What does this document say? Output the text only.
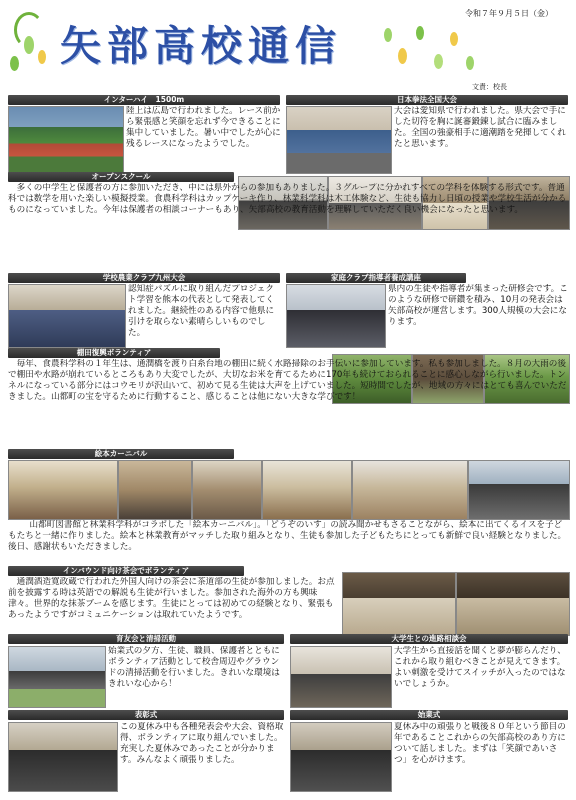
矢部高校通信
令和７年９月５日（金）
文責：校長
インターハイ　1500m
陸上は広島で行われました。レース前から緊張感と笑顔を忘れず今できることに集中していました。暑い中でしたが心に残るレースになったようでした。
日本拳法全国大会
大会は愛知県で行われました。県大会で手にした切符を胸に誕審鍛錬し試合に臨みました。全国の強豪相手に適潮踏を発揮してくれたと思います。
オープンスクール
多くの中学生と保護者の方に参加いただき、中には県外からの参加もありました。３グループに分かれすべての学科を体験する形式です。普通科では数学を用いた楽しい模擬授業。食農科学科はカップケーキ作り、林業科学科は木工体験など、生徒も協力し日頃の授業や学校生活が分かるものになっていました。今年は保護者の相談コーナーもあり、矢部高校の教育活動を理解していただく良い機会になったと思います。
学校農業クラブ九州大会
認知症パズルに取り組んだプロジェクト学習を熊本の代表として発表してくれました。継続性のある内容で他県に引けを取らない素晴らしいものでした。
家庭クラブ指導者養成講座
県内の生徒や指導者が集まった研修会です。このような研修で研鑽を積み、10月の発表会は矢部高校が運営します。300人規模の大会になります。
棚田復興ボランティア
毎年、食農科学科の１年生は、通潤橋を渡り白糸台地の棚田に続く水路掃除のお手伝いに参加しています。私も参加しました。８月の大雨の後で棚田や水路が崩れているところもあり大変でしたが、大切なお米を育てるために170年も続けておられることに感心しながら行いました。トンネルになっている部分にはコウモリが沢山いて、初めて見る生徒は大声を上げていました。短時間でしたが、地域の方々にはとても喜んでいただきました。山都町の宝を守るために行動すること、感じることは他にない大きな学びです！
絵本カーニバル
山都町図書館と林業科学科がコラボした「絵本カーニバル」。「どうぞのいす」の読み聞かせもさることながら、絵本に出てくるイスを子どもたちと一緒に作りました。絵本と林業教育がマッチした取り組みとなり、生徒も参加した子どもたちにとっても新鮮で良い経験となりました。後日、感謝状もいただきました。
インバウンド向け茶会でボランティア
通潤酒造寛政蔵で行われた外国人向けの茶会に茶道部の生徒が参加しました。お点前を披露する時は英語での解説も生徒が行いました。参加された海外の方も興味津々。世界的な抹茶ブームを感じます。生徒にとっては初めての経験となり、緊張もあったようですがコミュニケーションは取れていたようです。
育友会と清掃活動
始業式の夕方、生徒、職員、保護者とともにボランティア活動として校舎周辺やグラウンドの清掃活動を行いました。きれいな環境はきれいな心から！
大学生との進路相談会
大学生から直接話を聞くと夢が膨らんだり、これから取り組むべきことが見えてきます。よい刺激を受けてスイッチが入ったのではないでしょうか。
表彰式
この夏休み中も各種発表会や大会、資格取得、ボランティアに取り組んでいました。充実した夏休みであったことが分かります。みんなよく頑張りました。
始業式
夏休み中の頑張りと戦後８０年という節目の年であることこれからの矢部高校のあり方について話しました。まずは「笑顔であいさつ」を心がけます。
